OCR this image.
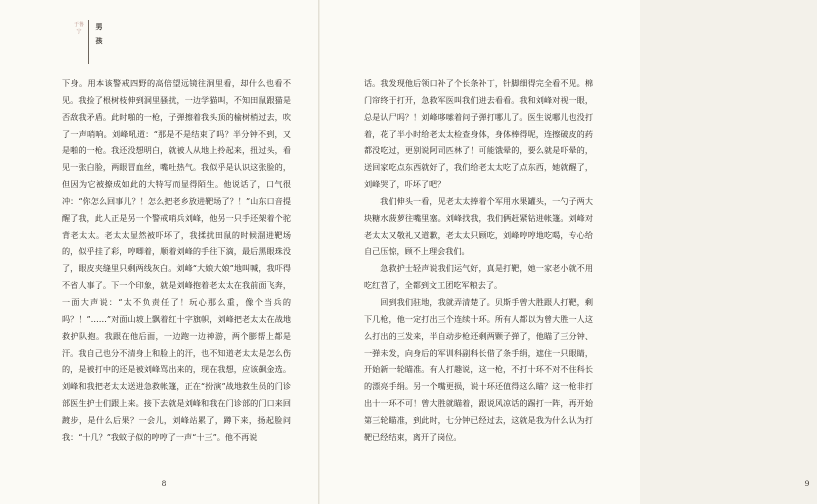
于鲁宁
男孩

下身。用本该警戒四野的高倍望远镜往洞里看，却什么也看不见。我捡了根树枝伸到洞里骚扰，一边学猫叫，不知田鼠跟猫是否敌我矛盾。此时啪的一枪，子弹擦着我头顶的榆树梢过去，吹了一声哨响。刘峰吼道：“那是不是结束了吗？半分钟不到，又是啪的一枪。我还没想明白，就被人从地上拎起来，扭过头，看见一张白脸，两眼冒血丝，嘴吐热气。我似乎是认识这张脸的，但因为它被撩成如此的大特写而显得陌生。他说话了，口气很冲：“你怎么回事儿？！怎么把老乡放进靶场了？！”山东口音提醒了我，此人正是另一个警戒哨兵刘峰，他另一只手还架着个驼背老太太。老太太显然被吓坏了，我揉扰田鼠的时候溜进靶场的，似乎挂了彩，哼唧着，顺着刘峰的手往下滴，最后黑眼珠没了，眼皮夹缝里只剩两线灰白。刘峰“大娘大娘”地叫喊，我吓得不省人事了。下一个印象，就是刘峰抱着老太太在我前面飞奔，一面大声说：“太不负责任了！玩心那么重，像个当兵的吗？！”……”对面山坡上飘着红十字旗帜，刘峰把老太太在战地救护队抱。我跟在他后面，一边跑一边神游，两个膨帮上都是汗。我自己也分不清身上和脸上的汗，也不知道老太太是怎么伤的，是被打中的还是被刘峰骂出来的，现在我想，应该飙金选。刘峰和我把老太太送进急救帐篷，正在“扮演”战地救生员的门诊部医生护士们跟上来。接下去就是刘峰和我在门诊部的门口来回踱步，是什么后果？一会儿，刘峰站累了，蹲下来，扬起脸问我：“十几？”我蚊子似的哼哼了一声“十三”。他不再说

8

话。我发现他后领口补了个长条补丁，针脚细得完全看不见。棉门帘终于打开，急救军医叫我们进去看看。我和刘峰对视一眼，总是认尸吗？！刘峰哆嗦着问子弹打哪儿了。医生说哪儿也没打着，花了半小时给老太太检查身体，身体棒得呢，连擦破皮的药都没吃过，更别说阿司匹林了！可能饿晕的，要么就是吓晕的，送回家吃点东西就好了，我们给老太太吃了点东西，她就醒了，刘峰哭了，吓坏了吧？

我们伸头一看，见老太太捧着个军用水果罐头，一勺子两大块糖水菠萝往嘴里塞。刘峰找我，我们俩赶紧钻进帐篷。刘峰对老太太又敬礼又道歉，老太太只顾吃，刘峰哼哼地吃喝，专心给自己压惊，顾不上理会我们。

急救护士轻声说我们运气好，真是打靶，她一家老小就不用吃红苕了，全都到文工团吃军粮去了。

回到我们驻地，我就弄清楚了。贝斯手曾大胜跟人打靶，剩下几枪，他一定打出三个连续十环。所有人都以为曾大胜一人这么打出的三发来，半自动步枪还剩两颗子弹了，他瞄了三分钟、一弹未发，向身后的军训科副科长借了条手绢，遮住一只眼睛，开始新一轮瞄准。有人打趣说，这一枪，不打十环不对不住科长的漂亮手绢。另一个嘴更损，说十环还值得这么瞄？这一枪非打出十一环不可！曾大胜就瞄着，跟说风凉话的踢打一阵，再开始第三轮瞄准，到此时，七分钟已经过去，这就是我为什么认为打靶已经结束，离开了岗位。

9
